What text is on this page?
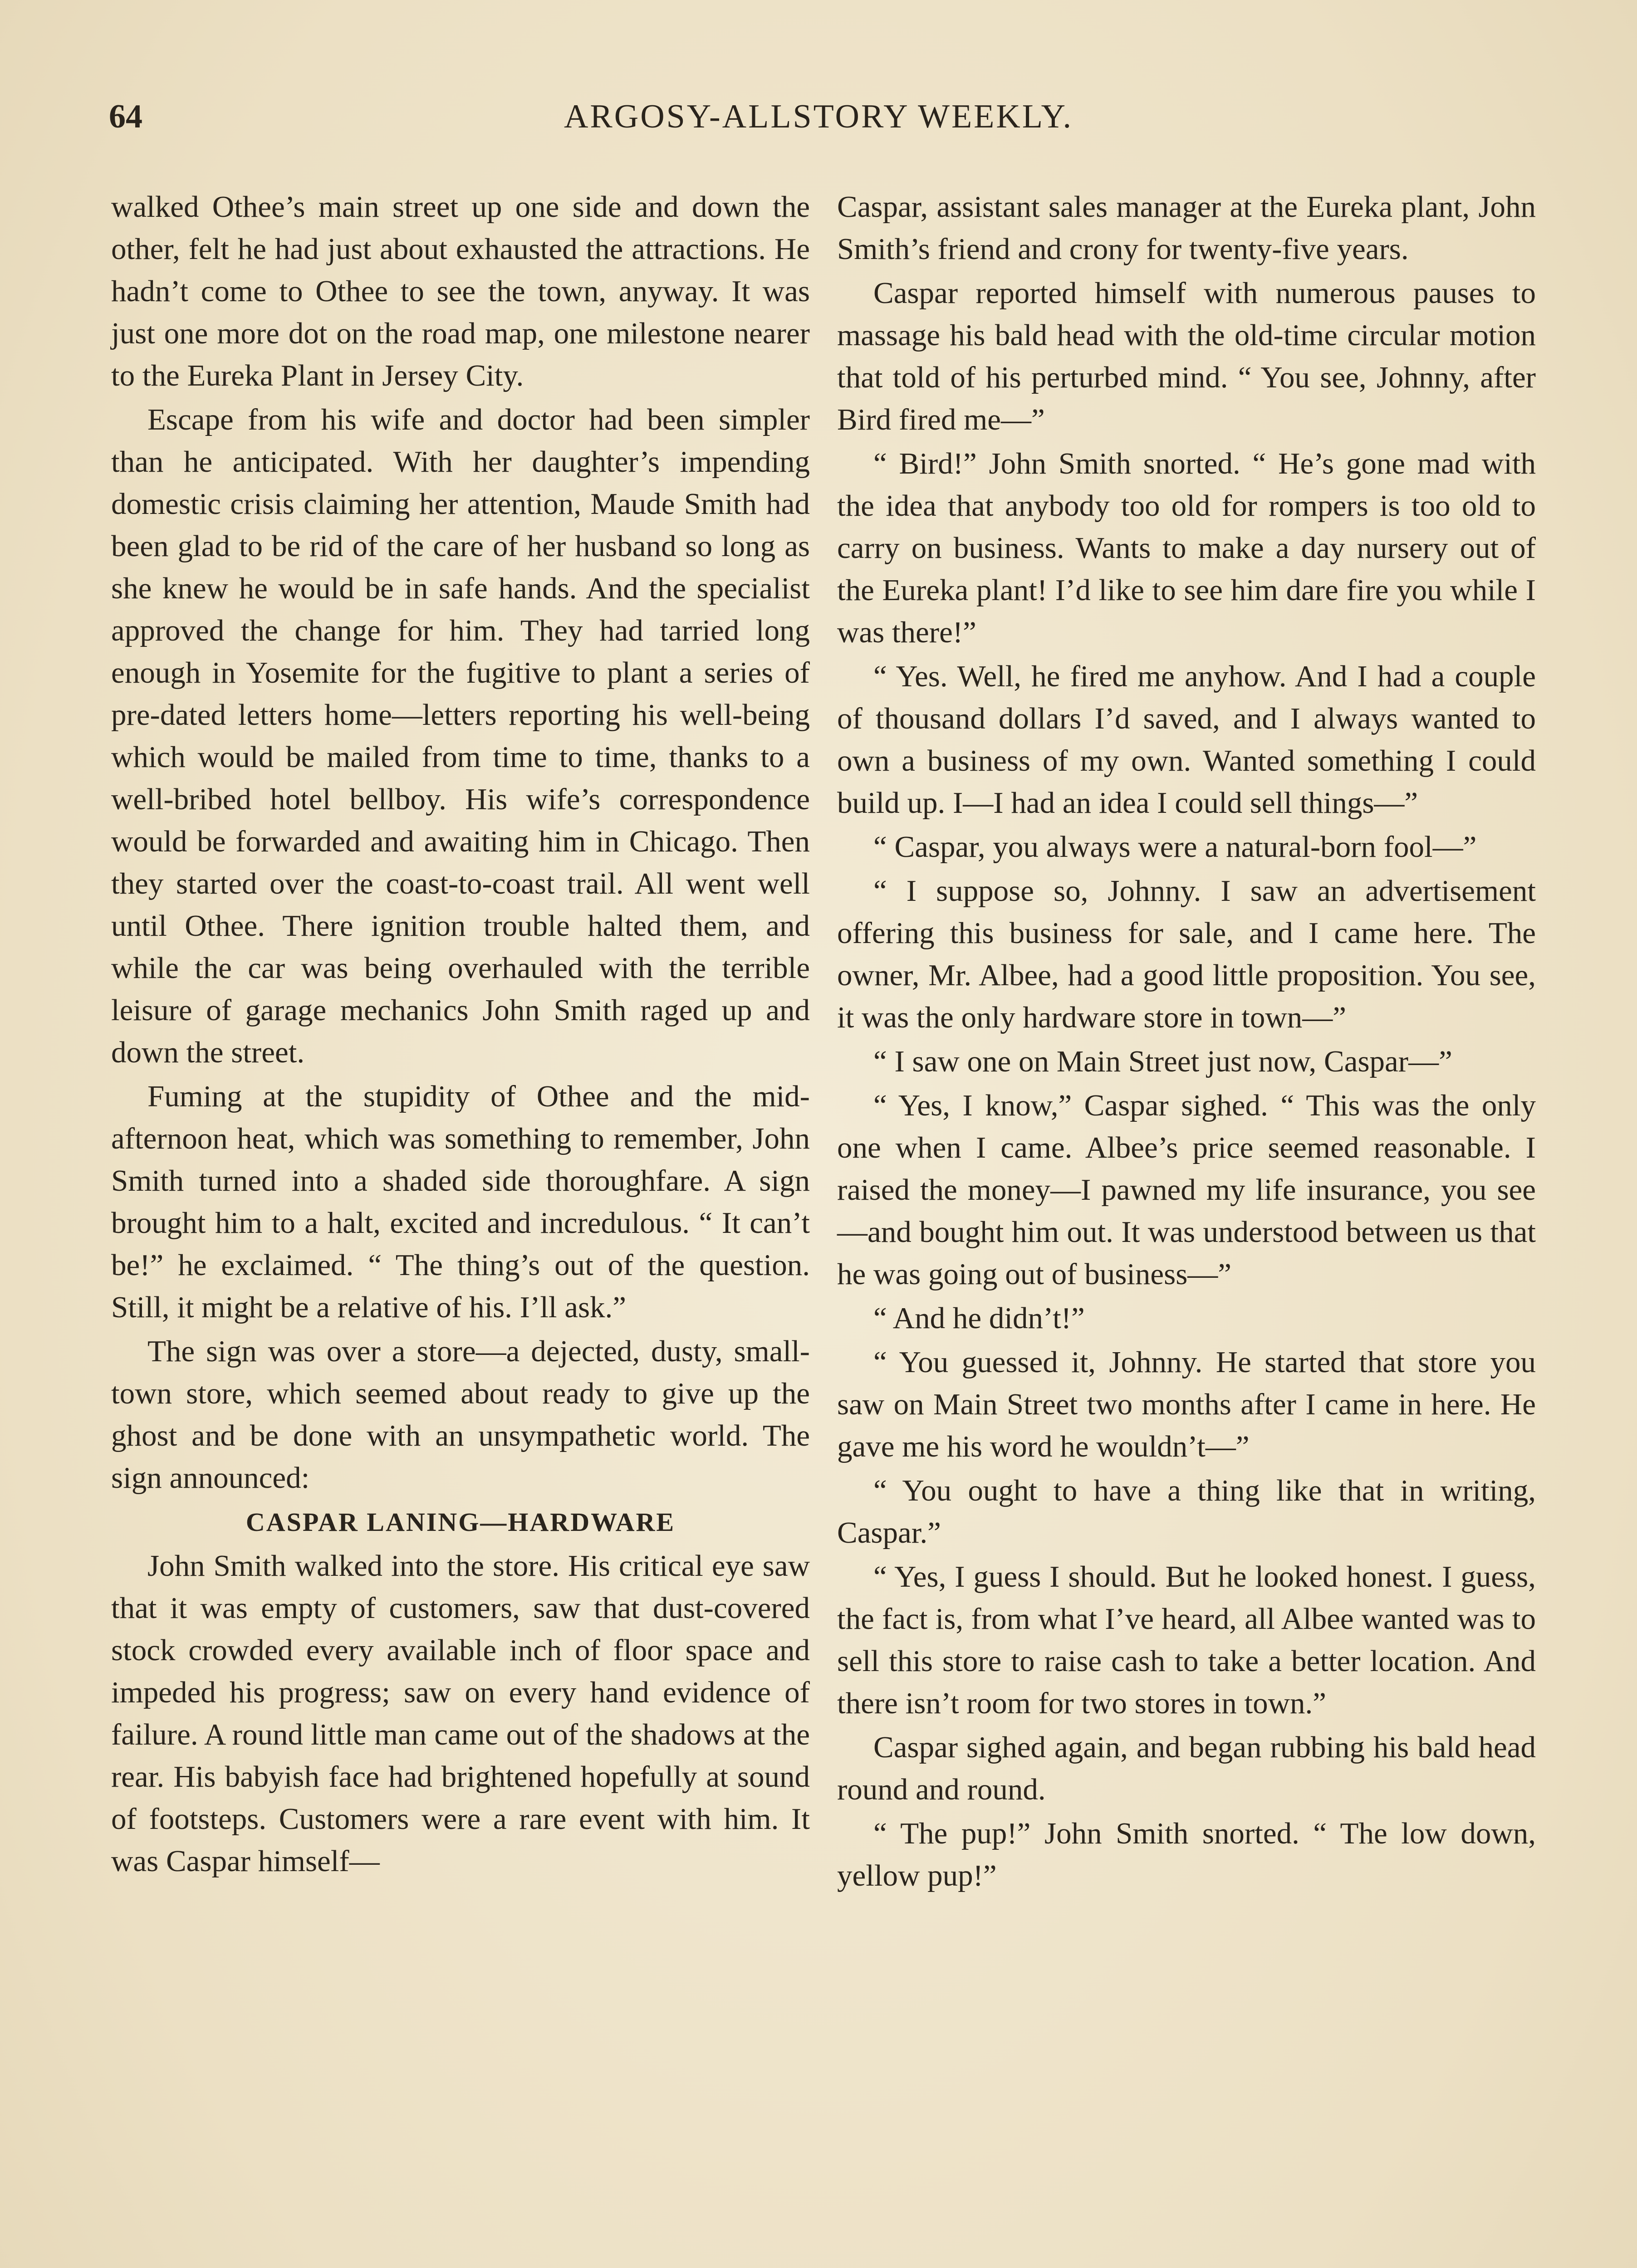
64	ARGOSY-ALLSTORY WEEKLY.

walked Othee’s main street up one side and down the other, felt he had just about exhausted the attractions. He hadn’t come to Othee to see the town, anyway. It was just one more dot on the road map, one milestone nearer to the Eureka Plant in Jersey City.

Escape from his wife and doctor had been simpler than he anticipated. With her daughter’s impending domestic crisis claiming her attention, Maude Smith had been glad to be rid of the care of her husband so long as she knew he would be in safe hands. And the specialist approved the change for him. They had tarried long enough in Yosemite for the fugitive to plant a series of pre-dated letters home—letters reporting his well-being which would be mailed from time to time, thanks to a well-bribed hotel bellboy. His wife’s correspondence would be forwarded and awaiting him in Chicago. Then they started over the coast-to-coast trail. All went well until Othee. There ignition trouble halted them, and while the car was being overhauled with the terrible leisure of garage mechanics John Smith raged up and down the street.

Fuming at the stupidity of Othee and the mid-afternoon heat, which was something to remember, John Smith turned into a shaded side thoroughfare. A sign brought him to a halt, excited and incredulous. “ It can’t be!” he exclaimed. “ The thing’s out of the question. Still, it might be a relative of his. I’ll ask.”

The sign was over a store—a dejected, dusty, small-town store, which seemed about ready to give up the ghost and be done with an unsympathetic world. The sign announced:

CASPAR LANING—HARDWARE

John Smith walked into the store. His critical eye saw that it was empty of customers, saw that dust-covered stock crowded every available inch of floor space and impeded his progress; saw on every hand evidence of failure. A round little man came out of the shadows at the rear. His babyish face had brightened hopefully at sound of footsteps. Customers were a rare event with him. It was Caspar himself—

Caspar, assistant sales manager at the Eureka plant, John Smith’s friend and crony for twenty-five years.

Caspar reported himself with numerous pauses to massage his bald head with the old-time circular motion that told of his perturbed mind. “ You see, Johnny, after Bird fired me—”

“ Bird!” John Smith snorted. “ He’s gone mad with the idea that anybody too old for rompers is too old to carry on business. Wants to make a day nursery out of the Eureka plant! I’d like to see him dare fire you while I was there!”

“ Yes. Well, he fired me anyhow. And I had a couple of thousand dollars I’d saved, and I always wanted to own a business of my own. Wanted something I could build up. I—I had an idea I could sell things—”

“ Caspar, you always were a natural-born fool—”

“ I suppose so, Johnny. I saw an advertisement offering this business for sale, and I came here. The owner, Mr. Albee, had a good little proposition. You see, it was the only hardware store in town—”

“ I saw one on Main Street just now, Caspar—”

“ Yes, I know,” Caspar sighed. “ This was the only one when I came. Albee’s price seemed reasonable. I raised the money—I pawned my life insurance, you see—and bought him out. It was understood between us that he was going out of business—”

“ And he didn’t!”

“ You guessed it, Johnny. He started that store you saw on Main Street two months after I came in here. He gave me his word he wouldn’t—”

“ You ought to have a thing like that in writing, Caspar.”

“ Yes, I guess I should. But he looked honest. I guess, the fact is, from what I’ve heard, all Albee wanted was to sell this store to raise cash to take a better location. And there isn’t room for two stores in town.”

Caspar sighed again, and began rubbing his bald head round and round.

“ The pup!” John Smith snorted. “ The low down, yellow pup!”
